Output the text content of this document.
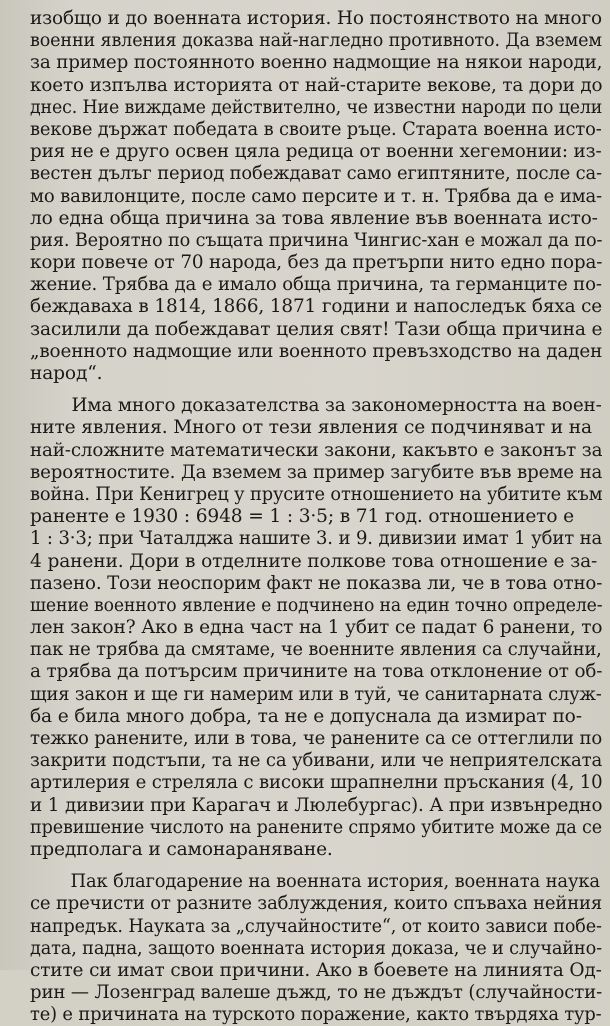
изобщо и до военната история. Но постоянството на много
военни явления доказва най-нагледно противното. Да вземем
за пример постоянното военно надмощие на някои народи,
което изпълва историята от най-старите векове, та дори до
днес. Ние виждаме действително, че известни народи по цели
векове държат победата в своите ръце. Старата военна исто-
рия не е друго освен цяла редица от военни хегемонии: из-
вестен дълъг период побеждават само египтяните, после са-
мо вавилонците, после само персите и т. н. Трябва да е има-
ло една обща причина за това явление във военната исто-
рия. Вероятно по същата причина Чингис-хан е можал да по-
кори повече от 70 народа, без да претърпи нито едно пора-
жение. Трябва да е имало обща причина, та германците по-
беждаваха в 1814, 1866, 1871 години и напоследък бяха се
засилили да побеждават целия свят! Тази обща причина е
„военното надмощие или военното превъзходство на даден
народ“.
Има много доказателства за закономерността на воен-
ните явления. Много от тези явления се подчиняват и на
най-сложните математически закони, какъвто е законът за
вероятностите. Да вземем за пример загубите във време на
война. При Кенигрец у прусите отношението на убитите към
раненте е 1930 : 6948 = 1 : 3·5; в 71 год. отношението е
1 : 3·3; при Чаталджа нашите 3. и 9. дивизии имат 1 убит на
4 ранени. Дори в отделните полкове това отношение е за-
пазено. Този неоспорим факт не показва ли, че в това отно-
шение военното явление е подчинено на един точно определе-
лен закон? Ако в една част на 1 убит се падат 6 ранени, то
пак не трябва да смятаме, че военните явления са случайни,
а трябва да потърсим причините на това отклонение от об-
щия закон и ще ги намерим или в туй, че санитарната служ-
ба е била много добра, та не е допуснала да измират по-
тежко ранените, или в това, че ранените са се оттеглили по
закрити подстъпи, та не са убивани, или че неприятелската
артилерия е стреляла с високи шрапнелни пръскания (4, 10
и 1 дивизии при Карагач и Люлебургас). А при извънредно
превишение числото на ранените спрямо убитите може да се
предполага и самонараняване.
Пак благодарение на военната история, военната наука
се пречисти от разните заблуждения, които спъваха нейния
напредък. Науката за „случайностите“, от които зависи побе-
дата, падна, защото военната история доказа, че и случайно-
стите си имат свои причини. Ако в боевете на линията Од-
рин — Лозенград валеше дъжд, то не дъждът (случайности-
те) е причината на турското поражение, както твърдяха тур-
